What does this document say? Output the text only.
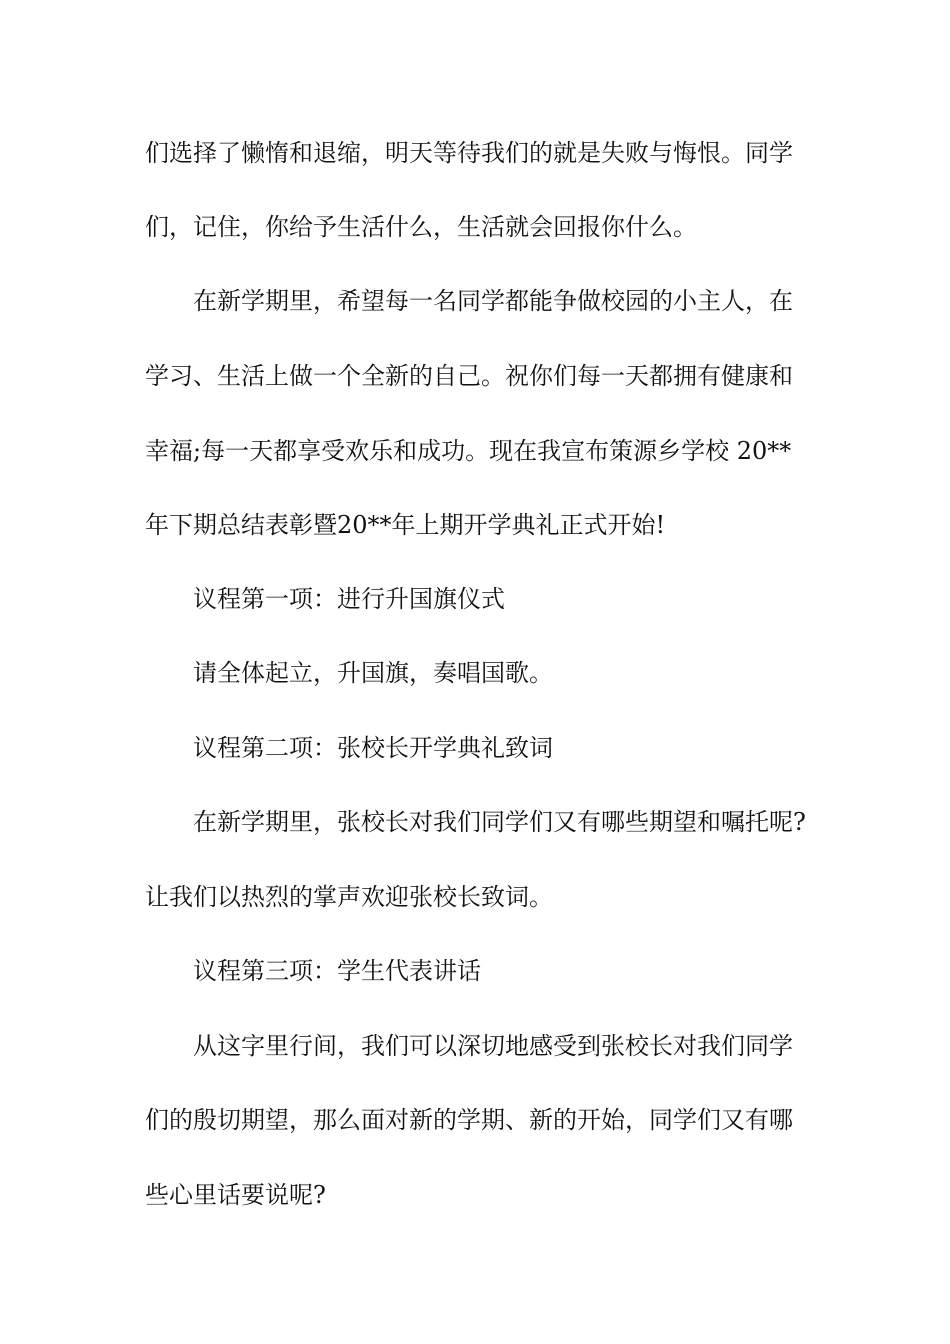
们选择了懒惰和退缩，明天等待我们的就是失败与悔恨。同学
们，记住，你给予生活什么，生活就会回报你什么。
在新学期里，希望每一名同学都能争做校园的小主人，在
学习、生活上做一个全新的自己。祝你们每一天都拥有健康和
幸福;每一天都享受欢乐和成功。现在我宣布策源乡学校 20**
年下期总结表彰暨20**年上期开学典礼正式开始!
议程第一项：进行升国旗仪式
请全体起立，升国旗，奏唱国歌。
议程第二项：张校长开学典礼致词
在新学期里，张校长对我们同学们又有哪些期望和嘱托呢?
让我们以热烈的掌声欢迎张校长致词。
议程第三项：学生代表讲话
从这字里行间，我们可以深切地感受到张校长对我们同学
们的殷切期望，那么面对新的学期、新的开始，同学们又有哪
些心里话要说呢?
